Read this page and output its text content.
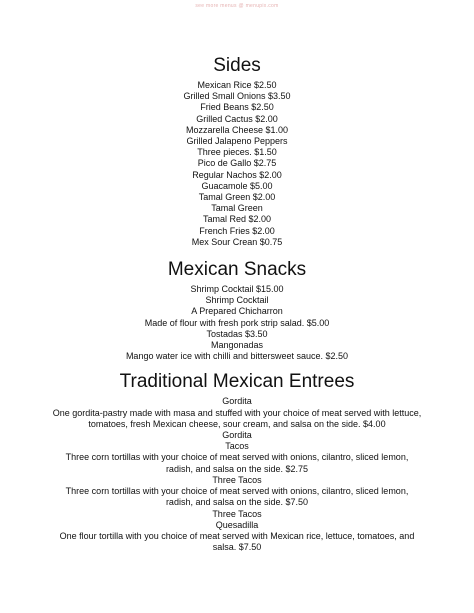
see more menus @ menupix.com
Sides
Mexican Rice $2.50
Grilled Small Onions $3.50
Fried Beans $2.50
Grilled Cactus $2.00
Mozzarella Cheese $1.00
Grilled Jalapeno Peppers
Three pieces. $1.50
Pico de Gallo $2.75
Regular Nachos $2.00
Guacamole $5.00
Tamal Green $2.00
Tamal Green
Tamal Red $2.00
French Fries $2.00
Mex Sour Crean $0.75
Mexican Snacks
Shrimp Cocktail $15.00
Shrimp Cocktail
A Prepared Chicharron
Made of flour with fresh pork strip salad. $5.00
Tostadas $3.50
Mangonadas
Mango water ice with chilli and bittersweet sauce. $2.50
Traditional Mexican Entrees
Gordita
One gordita-pastry made with masa and stuffed with your choice of meat served with lettuce, tomatoes, fresh Mexican cheese, sour cream, and salsa on the side. $4.00
Gordita
Tacos
Three corn tortillas with your choice of meat served with onions, cilantro, sliced lemon, radish, and salsa on the side. $2.75
Three Tacos
Three corn tortillas with your choice of meat served with onions, cilantro, sliced lemon, radish, and salsa on the side. $7.50
Three Tacos
Quesadilla
One flour tortilla with you choice of meat served with Mexican rice, lettuce, tomatoes, and salsa. $7.50
